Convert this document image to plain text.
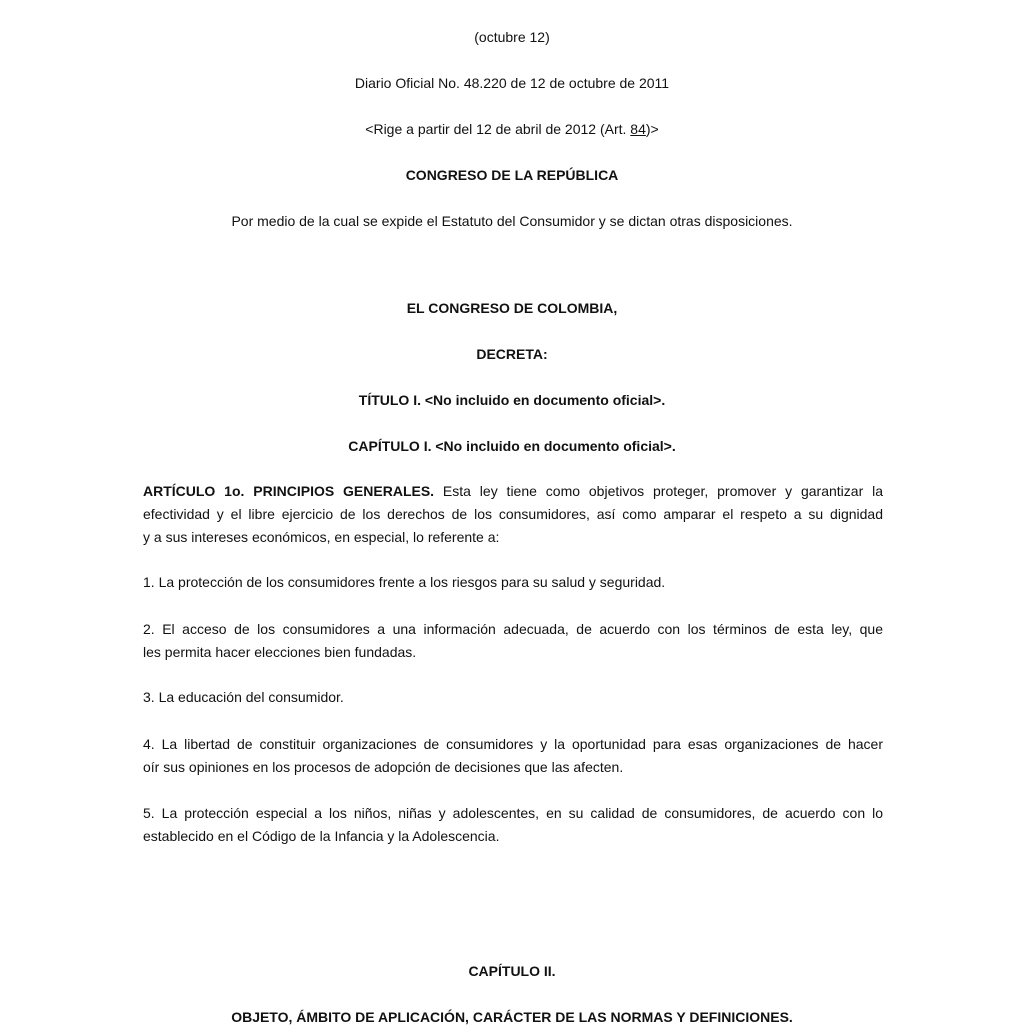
(octubre 12)
Diario Oficial No. 48.220 de 12 de octubre de 2011
<Rige a partir del 12 de abril de 2012 (Art. 84)>
CONGRESO DE LA REPÚBLICA
Por medio de la cual se expide el Estatuto del Consumidor y se dictan otras disposiciones.
EL CONGRESO DE COLOMBIA,
DECRETA:
TÍTULO I. <No incluido en documento oficial>.
CAPÍTULO I. <No incluido en documento oficial>.
ARTÍCULO 1o. PRINCIPIOS GENERALES. Esta ley tiene como objetivos proteger, promover y garantizar la
efectividad y el libre ejercicio de los derechos de los consumidores, así como amparar el respeto a su dignidad
y a sus intereses económicos, en especial, lo referente a:
1. La protección de los consumidores frente a los riesgos para su salud y seguridad.
2. El acceso de los consumidores a una información adecuada, de acuerdo con los términos de esta ley, que
les permita hacer elecciones bien fundadas.
3. La educación del consumidor.
4. La libertad de constituir organizaciones de consumidores y la oportunidad para esas organizaciones de hacer
oír sus opiniones en los procesos de adopción de decisiones que las afecten.
5. La protección especial a los niños, niñas y adolescentes, en su calidad de consumidores, de acuerdo con lo
establecido en el Código de la Infancia y la Adolescencia.
CAPÍTULO II.
OBJETO, ÁMBITO DE APLICACIÓN, CARÁCTER DE LAS NORMAS Y DEFINICIONES.
